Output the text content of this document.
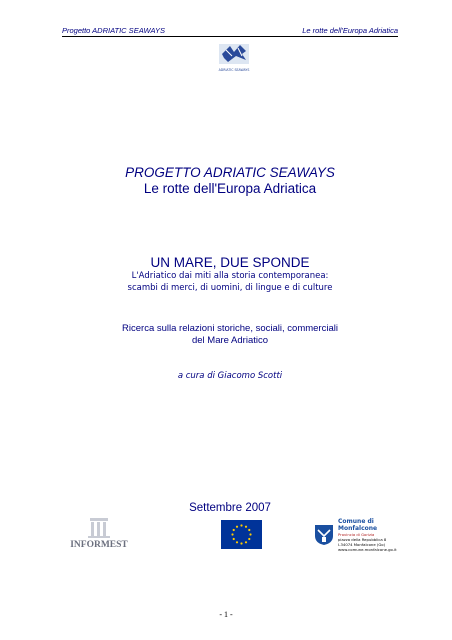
Progetto ADRIATIC SEAWAYS	Le rotte dell'Europa Adriatica
ADRIATIC SEAWAYS
PROGETTO ADRIATIC SEAWAYS
Le rotte dell'Europa Adriatica
UN MARE, DUE SPONDE
L'Adriatico dai miti alla storia contemporanea:
scambi di merci, di uomini, di lingue e di culture
Ricerca sulla relazioni storiche, sociali, commerciali
del Mare Adriatico
a cura di Giacomo Scotti
Settembre 2007
INFORMEST
Comune di Monfalcone
Provincia di Gorizia
piazza della Repubblica 8
I-34074 Monfalcone (Go)
www.comune.monfalcone.go.it
- 1 -
